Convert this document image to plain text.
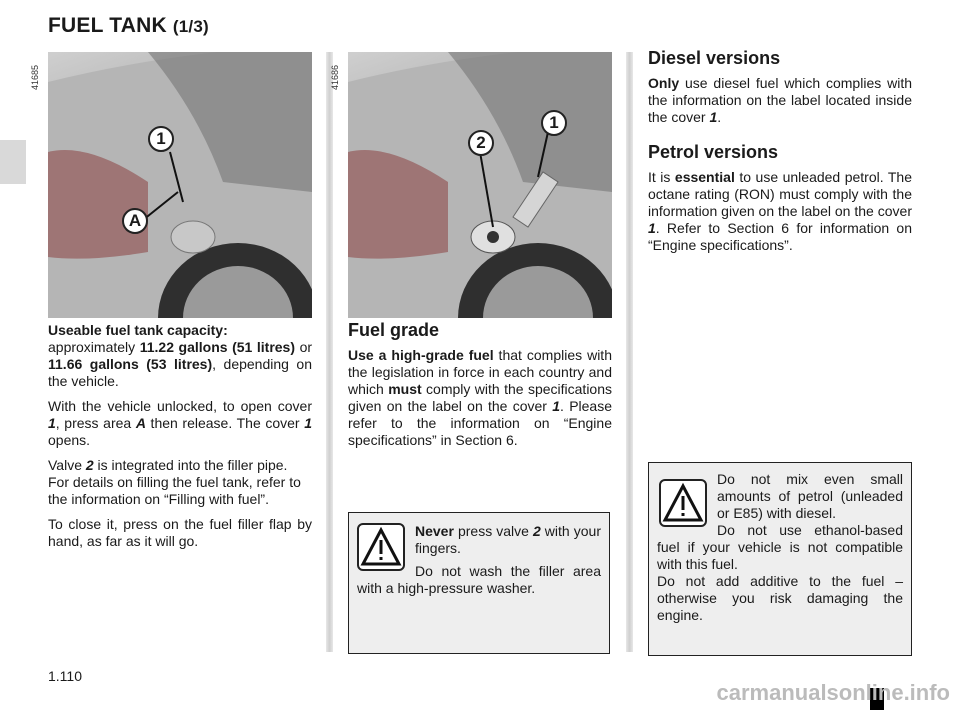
FUEL TANK (1/3)
1
A
41685
2
1
41686

Useable fuel tank capacity:
approximately 11.22 gallons (51 litres) or 11.66 gallons (53 litres), depending on the vehicle.

With the vehicle unlocked, to open cover 1, press area A then release. The cover 1 opens.

Valve 2 is integrated into the filler pipe.
For details on filling the fuel tank, refer to the information on “Filling with fuel”.

To close it, press on the fuel filler flap by hand, as far as it will go.

Fuel grade

Use a high-grade fuel that complies with the legislation in force in each country and which must comply with the specifications given on the label on the cover 1. Please refer to the information on “Engine specifications” in Section 6.

Never press valve 2 with your fingers.

Do not wash the filler area with a high-pressure washer.

Diesel versions

Only use diesel fuel which complies with the information on the label located inside the cover 1.

Petrol versions

It is essential to use unleaded petrol. The octane rating (RON) must comply with the information given on the label on the cover 1. Refer to Section 6 for information on “Engine specifications”.

Do not mix even small amounts of petrol (unleaded or E85) with diesel.

Do not use ethanol-based fuel if your vehicle is not compatible with this fuel.

Do not add additive to the fuel – otherwise you risk damaging the engine.

1.110
carmanualsonline.info
